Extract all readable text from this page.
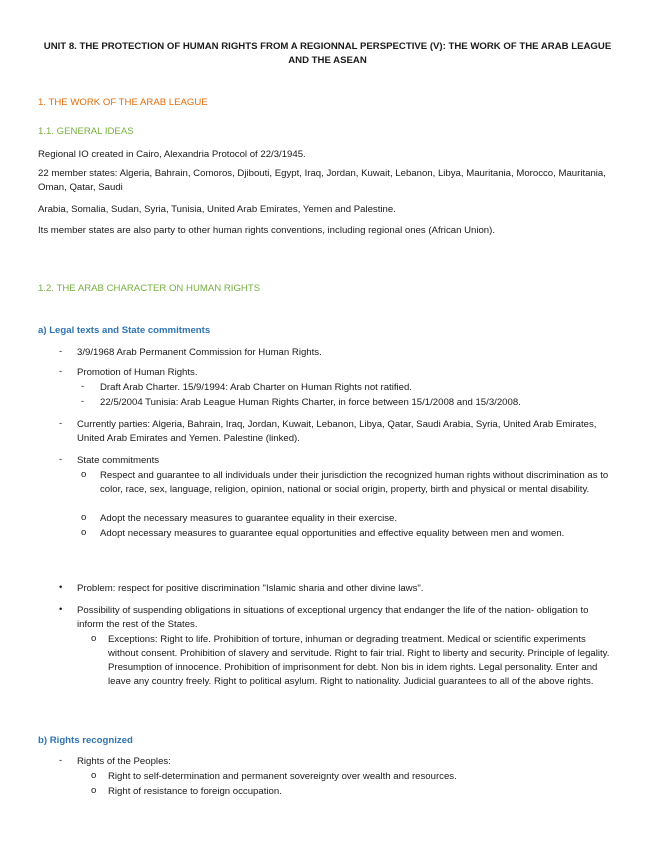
UNIT 8. THE PROTECTION OF HUMAN RIGHTS FROM A REGIONNAL PERSPECTIVE (V): THE WORK OF THE ARAB LEAGUE AND THE ASEAN
1. THE WORK OF THE ARAB LEAGUE
1.1. GENERAL IDEAS
Regional IO created in Cairo, Alexandria Protocol of 22/3/1945.
22 member states: Algeria, Bahrain, Comoros, Djibouti, Egypt, Iraq, Jordan, Kuwait, Lebanon, Libya, Mauritania, Morocco, Mauritania, Oman, Qatar, Saudi
Arabia, Somalia, Sudan, Syria, Tunisia, United Arab Emirates, Yemen and Palestine.
Its member states are also party to other human rights conventions, including regional ones (African Union).
1.2. THE ARAB CHARACTER ON HUMAN RIGHTS
a) Legal texts and State commitments
- 3/9/1968 Arab Permanent Commission for Human Rights.
- Promotion of Human Rights.
- Draft Arab Charter. 15/9/1994: Arab Charter on Human Rights not ratified.
- 22/5/2004 Tunisia: Arab League Human Rights Charter, in force between 15/1/2008 and 15/3/2008.
- Currently parties: Algeria, Bahrain, Iraq, Jordan, Kuwait, Lebanon, Libya, Qatar, Saudi Arabia, Syria, United Arab Emirates, United Arab Emirates and Yemen. Palestine (linked).
- State commitments
o Respect and guarantee to all individuals under their jurisdiction the recognized human rights without discrimination as to color, race, sex, language, religion, opinion, national or social origin, property, birth and physical or mental disability.
o Adopt the necessary measures to guarantee equality in their exercise.
o Adopt necessary measures to guarantee equal opportunities and effective equality between men and women.
• Problem: respect for positive discrimination "Islamic sharia and other divine laws".
• Possibility of suspending obligations in situations of exceptional urgency that endanger the life of the nation- obligation to inform the rest of the States.
o Exceptions: Right to life. Prohibition of torture, inhuman or degrading treatment. Medical or scientific experiments without consent. Prohibition of slavery and servitude. Right to fair trial. Right to liberty and security. Principle of legality. Presumption of innocence. Prohibition of imprisonment for debt. Non bis in idem rights. Legal personality. Enter and leave any country freely. Right to political asylum. Right to nationality. Judicial guarantees to all of the above rights.
b) Rights recognized
- Rights of the Peoples:
o Right to self-determination and permanent sovereignty over wealth and resources.
o Right of resistance to foreign occupation.
